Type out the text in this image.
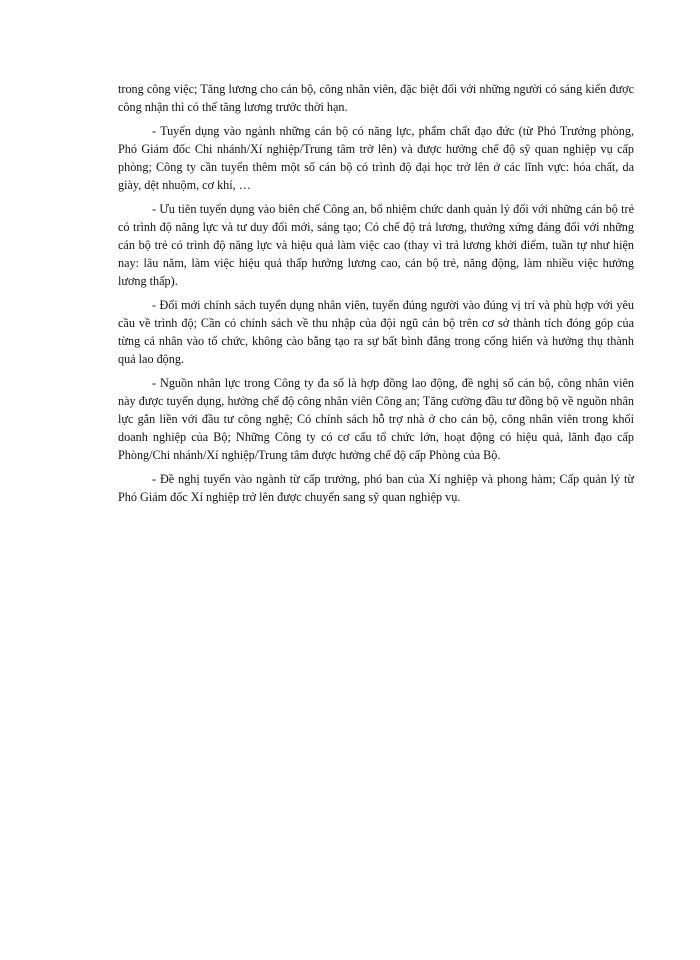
trong công việc; Tăng lương cho cán bộ, công nhân viên, đặc biệt đối với những người có sáng kiến được công nhận thì có thể tăng lương trước thời hạn.

- Tuyển dụng vào ngành những cán bộ có năng lực, phẩm chất đạo đức (từ Phó Trưởng phòng, Phó Giám đốc Chi nhánh/Xí nghiệp/Trung tâm trở lên) và được hưởng chế độ sỹ quan nghiệp vụ cấp phòng; Công ty cần tuyển thêm một số cán bộ có trình độ đại học trở lên ở các lĩnh vực: hóa chất, da giày, dệt nhuộm, cơ khí, …

- Ưu tiên tuyển dụng vào biên chế Công an, bổ nhiệm chức danh quản lý đối với những cán bộ trẻ có trình độ năng lực và tư duy đổi mới, sáng tạo; Có chế độ trả lương, thưởng xứng đáng đối với những cán bộ trẻ có trình độ năng lực và hiệu quả làm việc cao (thay vì trả lương khởi điểm, tuần tự như hiện nay: lâu năm, làm việc hiệu quả thấp hưởng lương cao, cán bộ trẻ, năng động, làm nhiều việc hưởng lương thấp).

- Đổi mới chính sách tuyển dụng nhân viên, tuyển đúng người vào đúng vị trí và phù hợp với yêu cầu về trình độ; Cần có chính sách về thu nhập của đội ngũ cán bộ trên cơ sở thành tích đóng góp của từng cá nhân vào tổ chức, không cào bằng tạo ra sự bất bình đẳng trong cống hiến và hưởng thụ thành quả lao động.

- Nguồn nhân lực trong Công ty đa số là hợp đồng lao động, đề nghị số cán bộ, công nhân viên này được tuyển dụng, hưởng chế độ công nhân viên Công an; Tăng cường đầu tư đồng bộ về nguồn nhân lực gắn liền với đầu tư công nghệ; Có chính sách hỗ trợ nhà ở cho cán bộ, công nhân viên trong khối doanh nghiệp của Bộ; Những Công ty có cơ cấu tổ chức lớn, hoạt động có hiệu quả, lãnh đạo cấp Phòng/Chi nhánh/Xí nghiệp/Trung tâm được hưởng chế độ cấp Phòng của Bộ.

- Đề nghị tuyển vào ngành từ cấp trưởng, phó ban của Xí nghiệp và phong hàm; Cấp quản lý từ Phó Giám đốc Xí nghiệp trở lên được chuyển sang sỹ quan nghiệp vụ.
